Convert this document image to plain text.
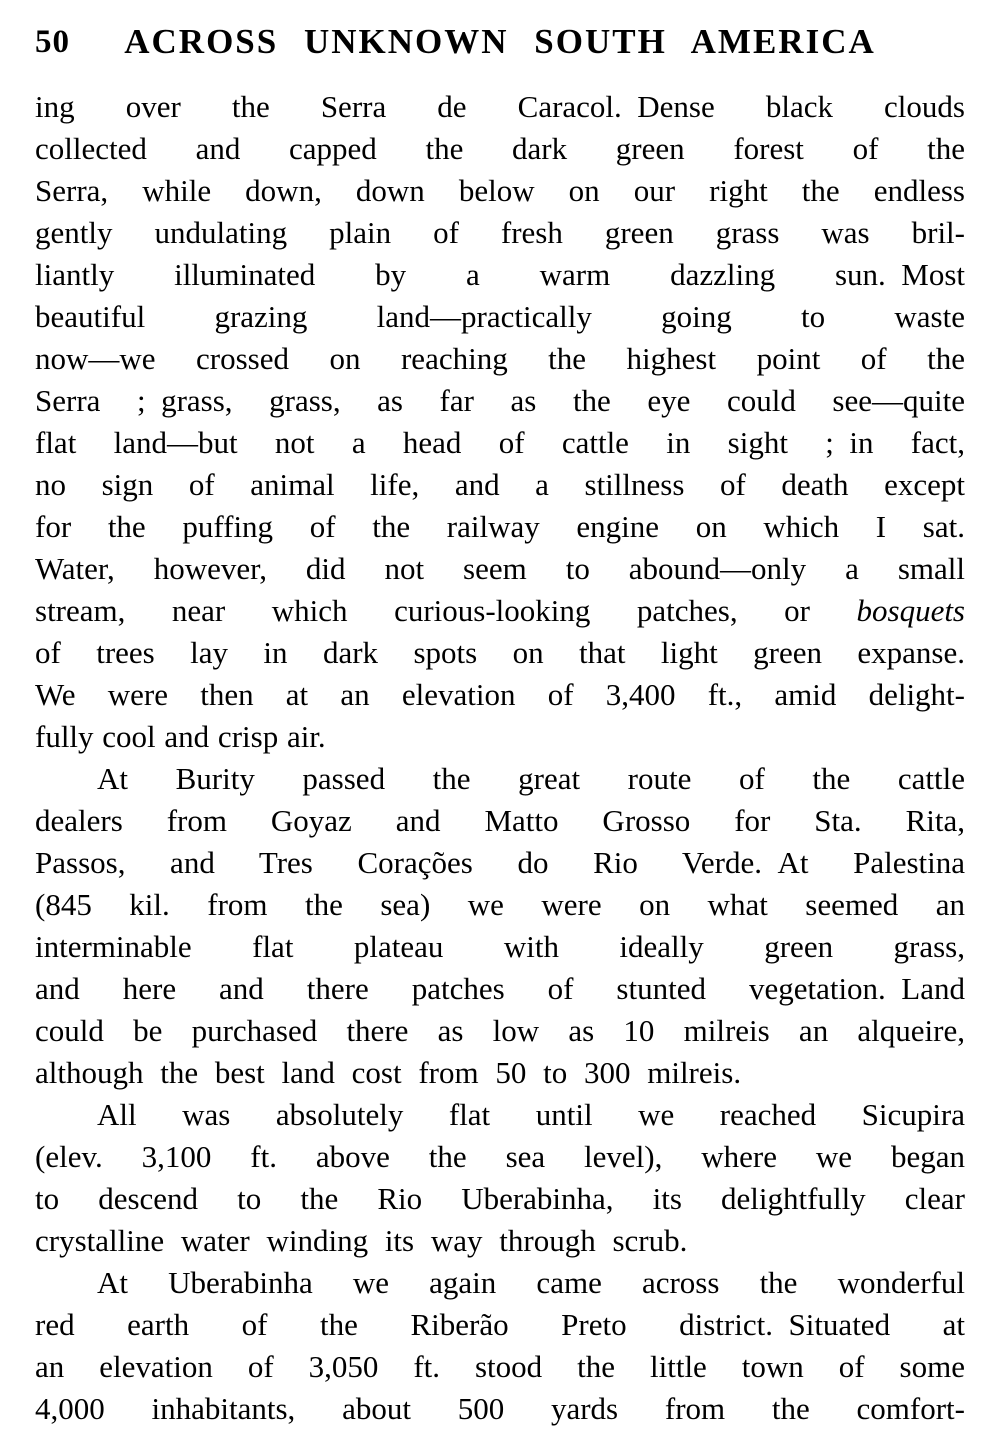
50	ACROSS UNKNOWN SOUTH AMERICA
ing over the Serra de Caracol. Dense black clouds
collected and capped the dark green forest of the
Serra, while down, down below on our right the endless
gently undulating plain of fresh green grass was bril-
liantly illuminated by a warm dazzling sun. Most
beautiful grazing land—practically going to waste
now—we crossed on reaching the highest point of the
Serra ; grass, grass, as far as the eye could see—quite
flat land—but not a head of cattle in sight ; in fact,
no sign of animal life, and a stillness of death except
for the puffing of the railway engine on which I sat.
Water, however, did not seem to abound—only a small
stream, near which curious-looking patches, or bosquets
of trees lay in dark spots on that light green expanse.
We were then at an elevation of 3,400 ft., amid delight-
fully cool and crisp air.
At Burity passed the great route of the cattle
dealers from Goyaz and Matto Grosso for Sta. Rita,
Passos, and Tres Corações do Rio Verde. At Palestina
(845 kil. from the sea) we were on what seemed an
interminable flat plateau with ideally green grass,
and here and there patches of stunted vegetation. Land
could be purchased there as low as 10 milreis an alqueire,
although the best land cost from 50 to 300 milreis.
All was absolutely flat until we reached Sicupira
(elev. 3,100 ft. above the sea level), where we began
to descend to the Rio Uberabinha, its delightfully clear
crystalline water winding its way through scrub.
At Uberabinha we again came across the wonderful
red earth of the Riberão Preto district. Situated at
an elevation of 3,050 ft. stood the little town of some
4,000 inhabitants, about 500 yards from the comfort-
